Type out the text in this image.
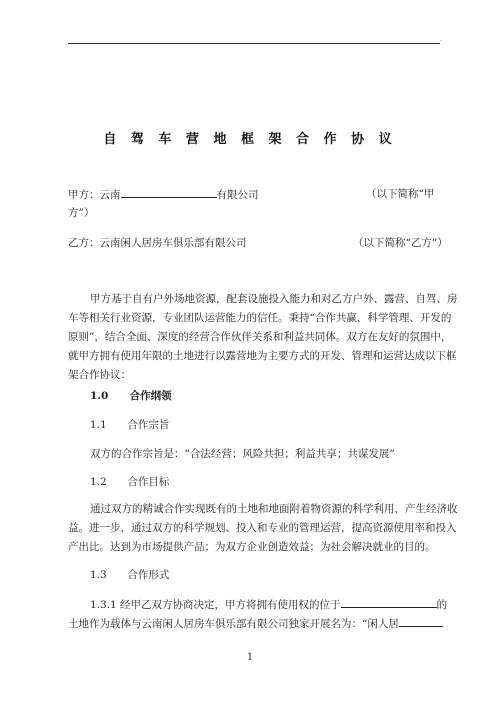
.
自 驾 车 营 地 框 架 合 作 协 议
甲方：云南	有限公司	（以下简称“甲
方”）
乙方：云南闲人居房车俱乐部有限公司	（以下简称“乙方”）
甲方基于自有户外场地资源，配套设施投入能力和对乙方户外、露营、自驾、房
车等相关行业资源，专业团队运营能力的信任。秉持“合作共赢，科学管理、开发的
原则”，结合全面、深度的经营合作伙伴关系和利益共同体。双方在友好的氛围中，
就甲方拥有使用年限的土地进行以露营地为主要方式的开发、管理和运营达成以下框
架合作协议：
1.0 合作纲领
1.1 合作宗旨
双方的合作宗旨是：“合法经营；风险共担；利益共享；共谋发展”
1.2 合作目标
通过双方的精诚合作实现既有的土地和地面附着物资源的科学利用，产生经济收
益。进一步，通过双方的科学规划、投入和专业的管理运营，提高资源使用率和投入
产出比。达到为市场提供产品；为双方企业创造效益；为社会解决就业的目的。
1.3 合作形式
1.3.1 经甲乙双方协商决定，甲方将拥有使用权的位于	的
土地作为载体与云南闲人居房车俱乐部有限公司独家开展名为：“闲人居
1
